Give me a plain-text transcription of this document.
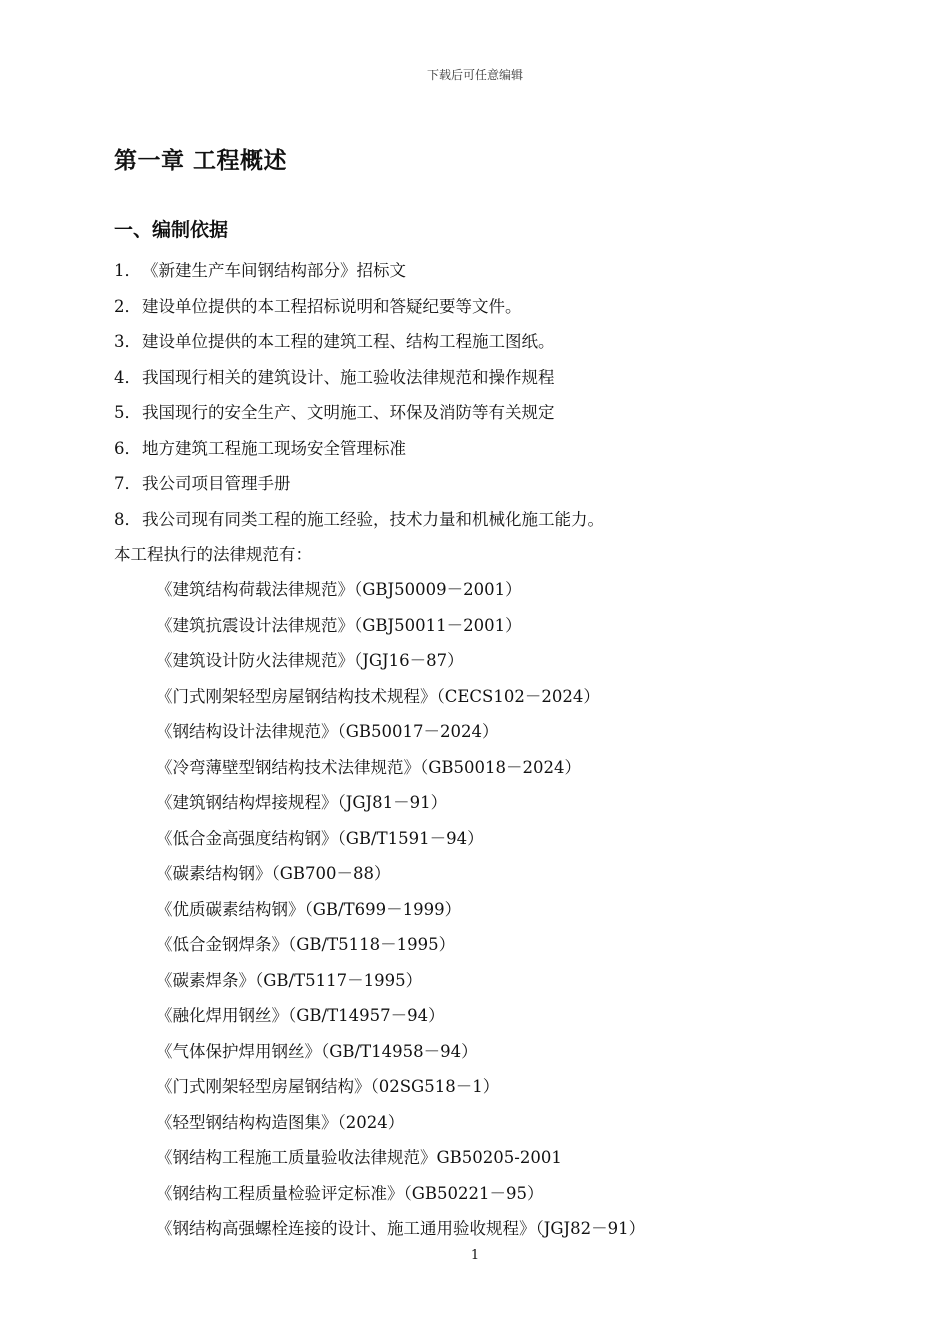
下载后可任意编辑
第一章 工程概述
一、编制依据
1．《新建生产车间钢结构部分》招标文
2．建设单位提供的本工程招标说明和答疑纪要等文件。
3．建设单位提供的本工程的建筑工程、结构工程施工图纸。
4．我国现行相关的建筑设计、施工验收法律规范和操作规程
5．我国现行的安全生产、文明施工、环保及消防等有关规定
6．地方建筑工程施工现场安全管理标准
7．我公司项目管理手册
8．我公司现有同类工程的施工经验，技术力量和机械化施工能力。

本工程执行的法律规范有：

《建筑结构荷载法律规范》（GBJ50009－2001）
《建筑抗震设计法律规范》（GBJ50011－2001）
《建筑设计防火法律规范》（JGJ16－87）
《门式刚架轻型房屋钢结构技术规程》（CECS102－2024）
《钢结构设计法律规范》（GB50017－2024）
《冷弯薄壁型钢结构技术法律规范》（GB50018－2024）
《建筑钢结构焊接规程》（JGJ81－91）
《低合金高强度结构钢》（GB/T1591－94）
《碳素结构钢》（GB700－88）
《优质碳素结构钢》（GB/T699－1999）
《低合金钢焊条》（GB/T5118－1995）
《碳素焊条》（GB/T5117－1995）
《融化焊用钢丝》（GB/T14957－94）
《气体保护焊用钢丝》（GB/T14958－94）
《门式刚架轻型房屋钢结构》（02SG518－1）
《轻型钢结构构造图集》（2024）
《钢结构工程施工质量验收法律规范》GB50205-2001
《钢结构工程质量检验评定标准》（GB50221－95）
《钢结构高强螺栓连接的设计、施工通用验收规程》（JGJ82－91）
1
